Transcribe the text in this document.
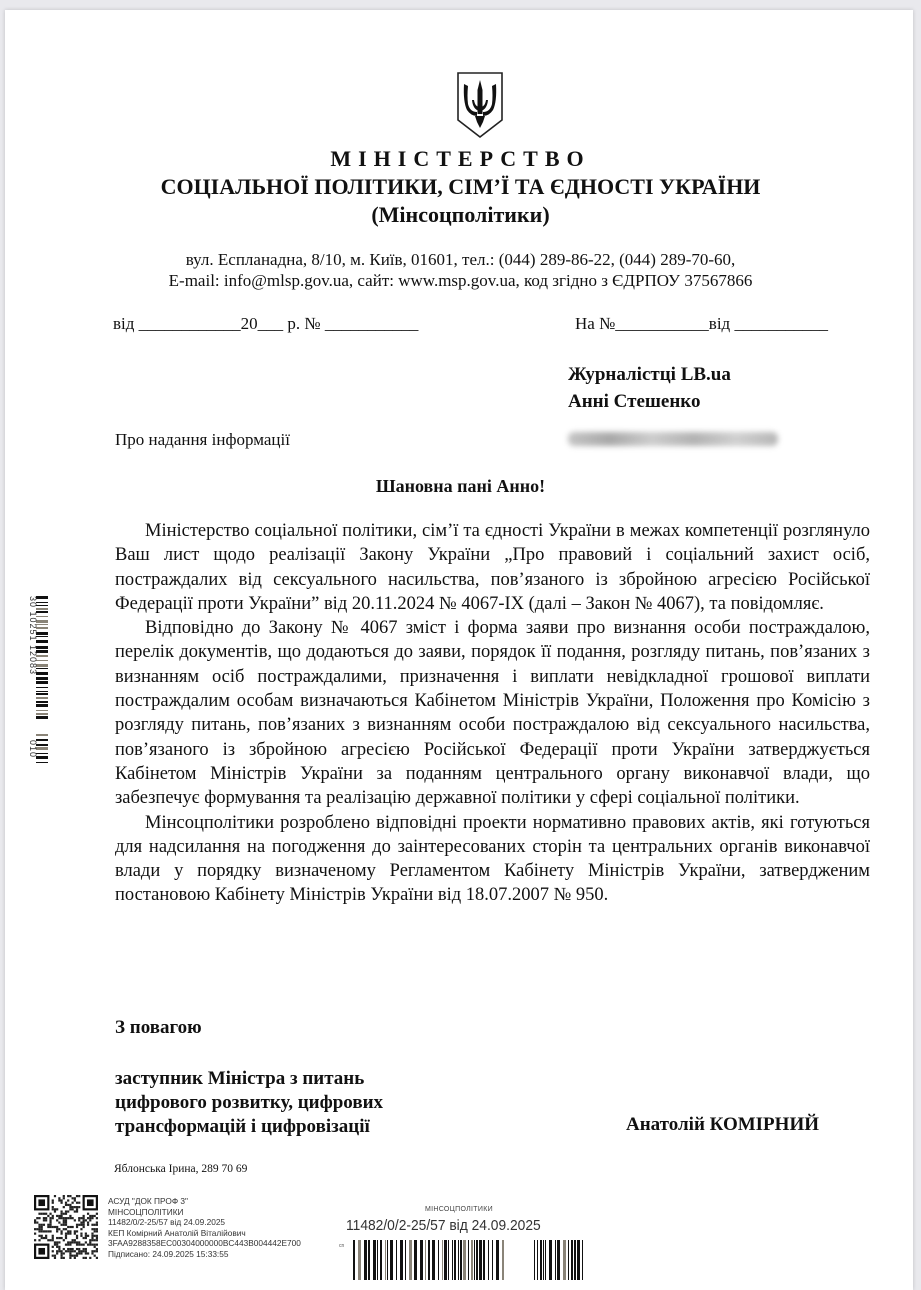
МІНІСТЕРСТВО
СОЦІАЛЬНОЇ ПОЛІТИКИ, СІМ’Ї ТА ЄДНОСТІ УКРАЇНИ
(Мінсоцполітики)
вул. Еспланадна, 8/10, м. Київ, 01601, тел.: (044) 289-86-22, (044) 289-70-60,
E-mail: info@mlsp.gov.ua, сайт: www.msp.gov.ua, код згідно з ЄДРПОУ 37567866
від ____________20___ р. № ___________	На №___________від ___________
Журналістці LB.ua
Анні Стешенко
Про надання інформації
Шановна пані Анно!

Міністерство соціальної політики, сім’ї та єдності України в межах компетенції розглянуло Ваш лист щодо реалізації Закону України „Про правовий і соціальний захист осіб, постраждалих від сексуального насильства, пов’язаного із збройною агресією Російської Федерації проти України” від 20.11.2024 № 4067-IX (далі – Закон № 4067), та повідомляє.

Відповідно до Закону № 4067 зміст і форма заяви про визнання особи постраждалою, перелік документів, що додаються до заяви, порядок її подання, розгляду питань, пов’язаних з визнанням осіб постраждалими, призначення і виплати невідкладної грошової виплати постраждалим особам визначаються Кабінетом Міністрів України, Положення про Комісію з розгляду питань, пов’язаних з визнанням особи постраждалою від сексуального насильства, пов’язаного із збройною агресією Російської Федерації проти України затверджується Кабінетом Міністрів України за поданням центрального органу виконавчої влади, що забезпечує формування та реалізацію державної політики у сфері соціальної політики.

Мінсоцполітики розроблено відповідні проекти нормативно правових актів, які готуються для надсилання на погодження до заінтересованих сторін та центральних органів виконавчої влади у порядку визначеному Регламентом Кабінету Міністрів України, затвердженим постановою Кабінету Міністрів України від 18.07.2007 № 950.

З повагою
заступник Міністра з питань
цифрового розвитку, цифрових
трансформацій і цифровізації	Анатолій КОМІРНИЙ
Яблонська Ірина, 289 70 69
АСУД "ДОК ПРОФ 3"
МІНСОЦПОЛІТИКИ
11482/0/2-25/57 від 24.09.2025
КЕП Комірний Анатолій Віталійович
3FAA9288358EC00304000000BC443B004442E700
Підписано: 24.09.2025 15:33:55
МІНСОЦПОЛІТИКИ
11482/0/2-25/57 від 24.09.2025
cn
30 10251 12083
010
